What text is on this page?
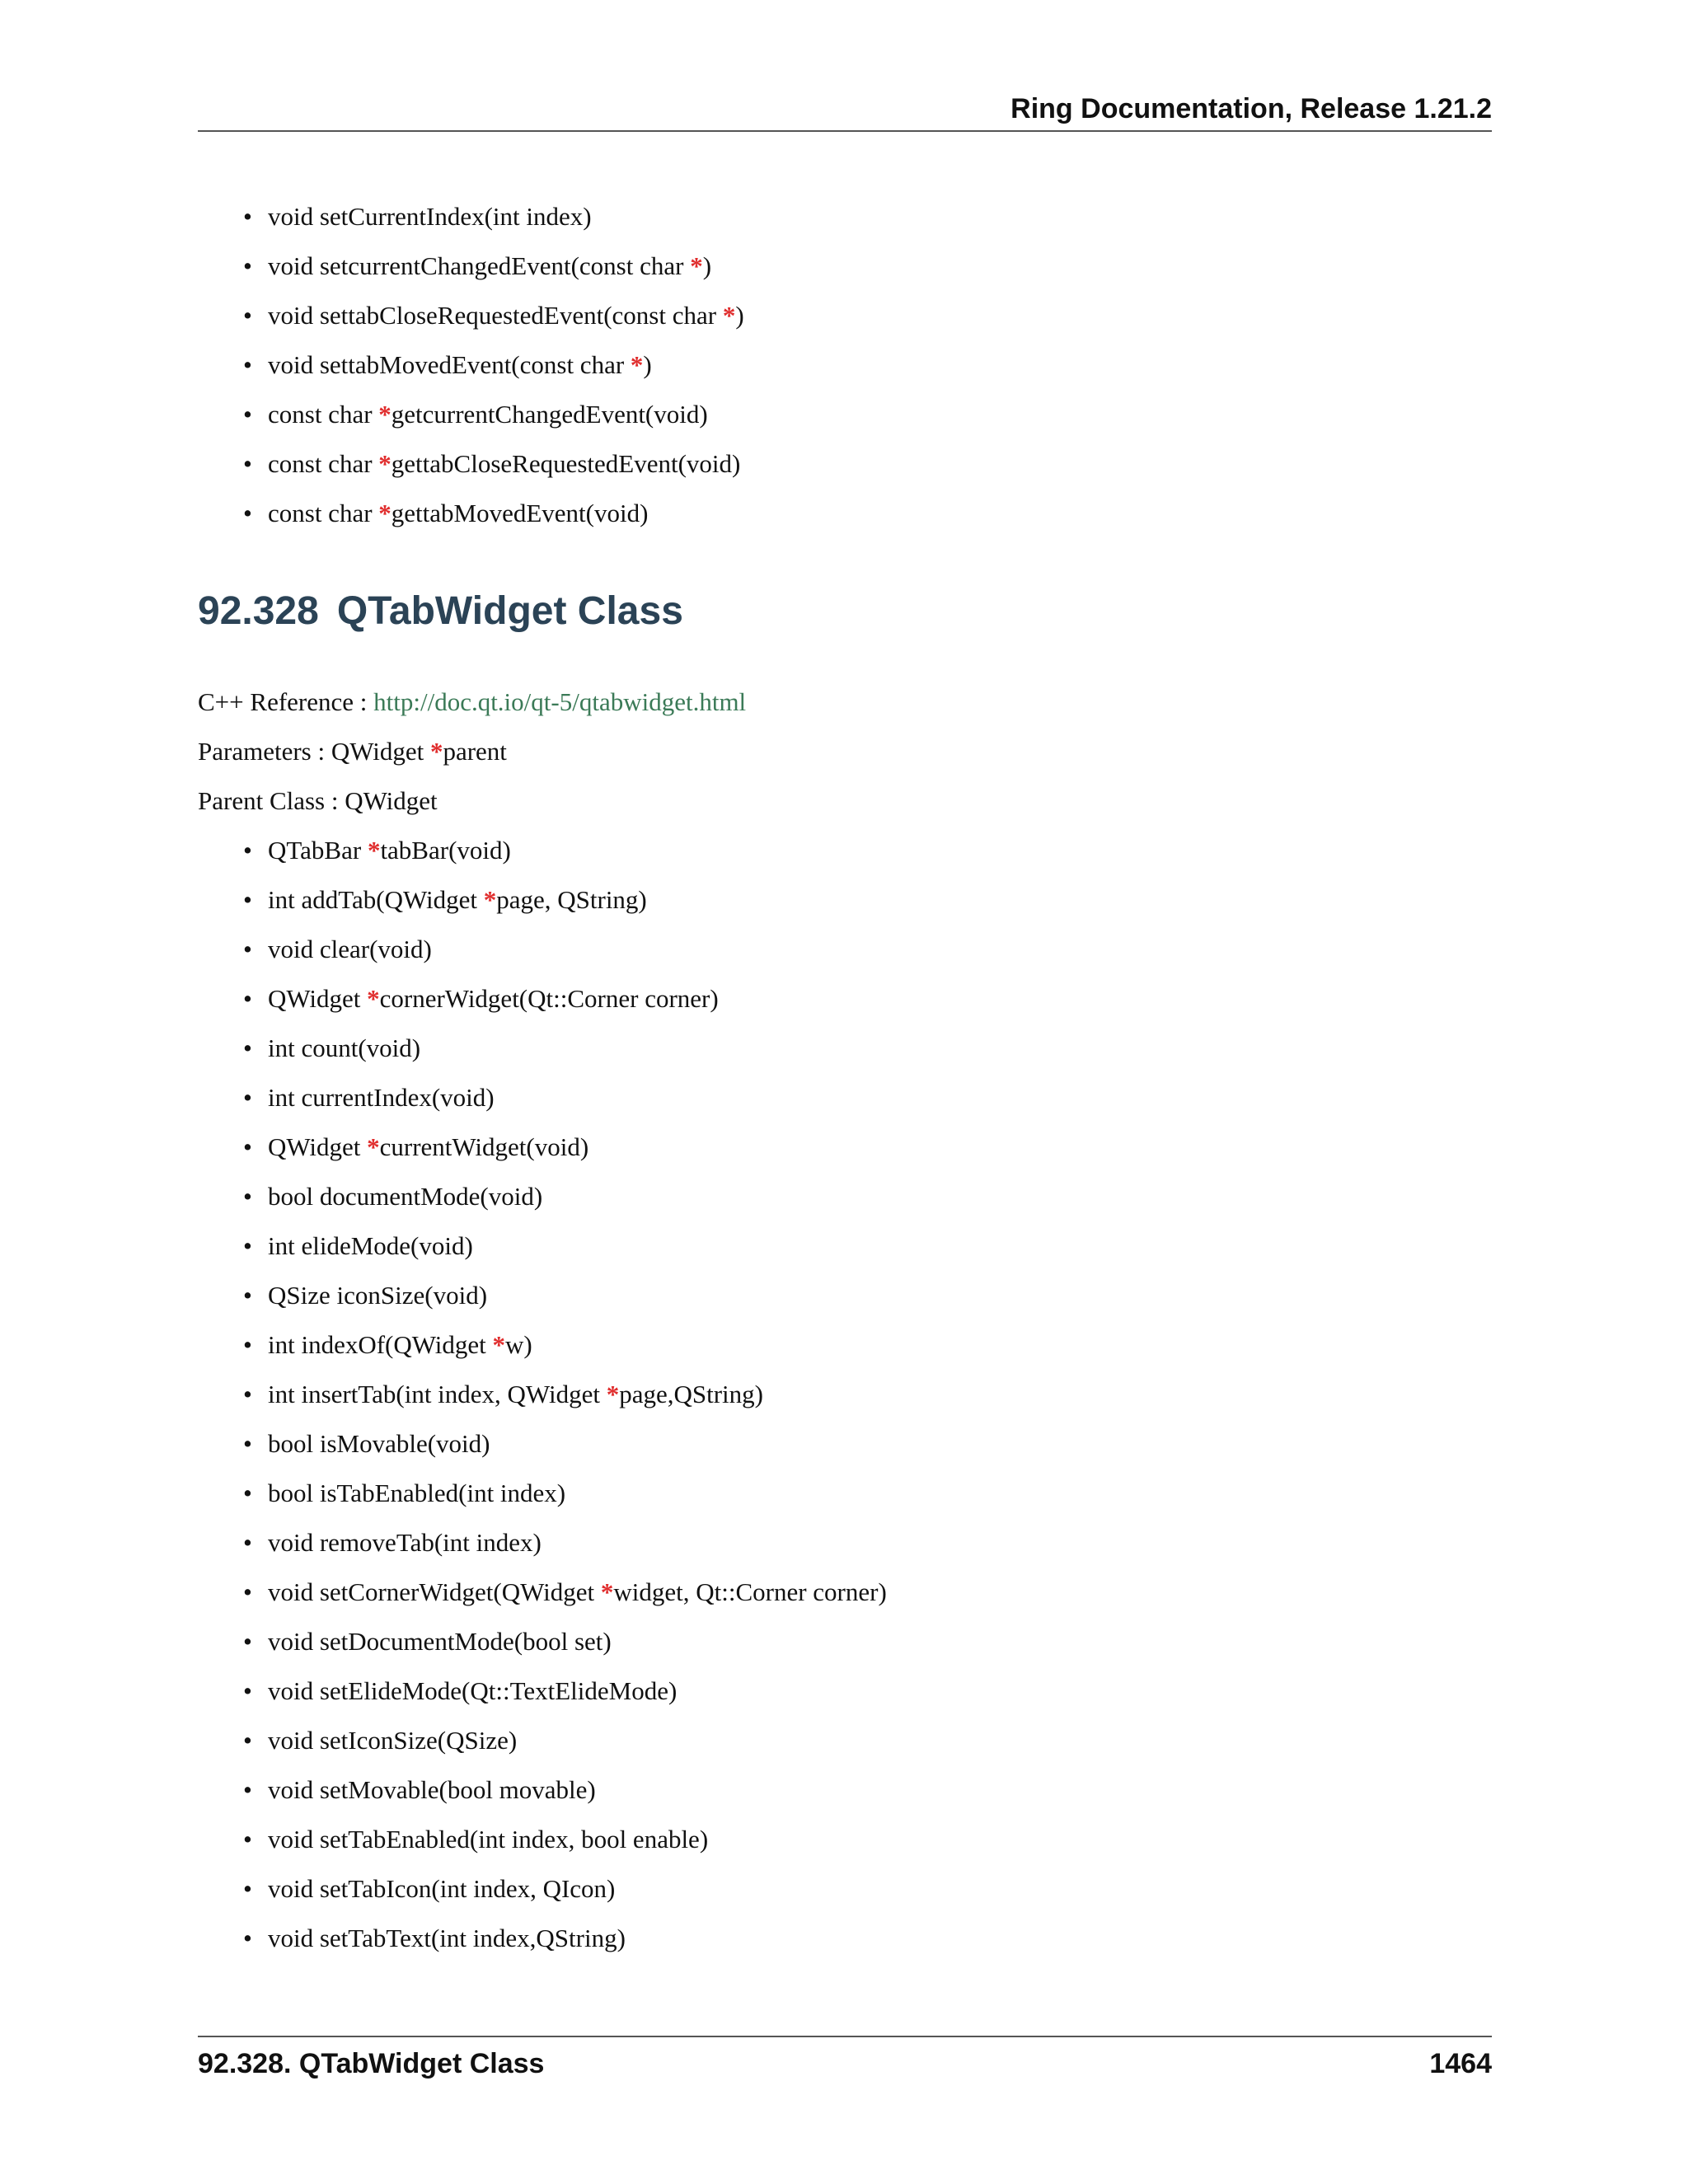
Ring Documentation, Release 1.21.2
• void setCurrentIndex(int index)
• void setcurrentChangedEvent(const char *)
• void settabCloseRequestedEvent(const char *)
• void settabMovedEvent(const char *)
• const char *getcurrentChangedEvent(void)
• const char *gettabCloseRequestedEvent(void)
• const char *gettabMovedEvent(void)
92.328 QTabWidget Class

C++ Reference : http://doc.qt.io/qt-5/qtabwidget.html

Parameters : QWidget *parent

Parent Class : QWidget

• QTabBar *tabBar(void)
• int addTab(QWidget *page, QString)
• void clear(void)
• QWidget *cornerWidget(Qt::Corner corner)
• int count(void)
• int currentIndex(void)
• QWidget *currentWidget(void)
• bool documentMode(void)
• int elideMode(void)
• QSize iconSize(void)
• int indexOf(QWidget *w)
• int insertTab(int index, QWidget *page,QString)
• bool isMovable(void)
• bool isTabEnabled(int index)
• void removeTab(int index)
• void setCornerWidget(QWidget *widget, Qt::Corner corner)
• void setDocumentMode(bool set)
• void setElideMode(Qt::TextElideMode)
• void setIconSize(QSize)
• void setMovable(bool movable)
• void setTabEnabled(int index, bool enable)
• void setTabIcon(int index, QIcon)
• void setTabText(int index,QString)
92.328. QTabWidget Class	1464
